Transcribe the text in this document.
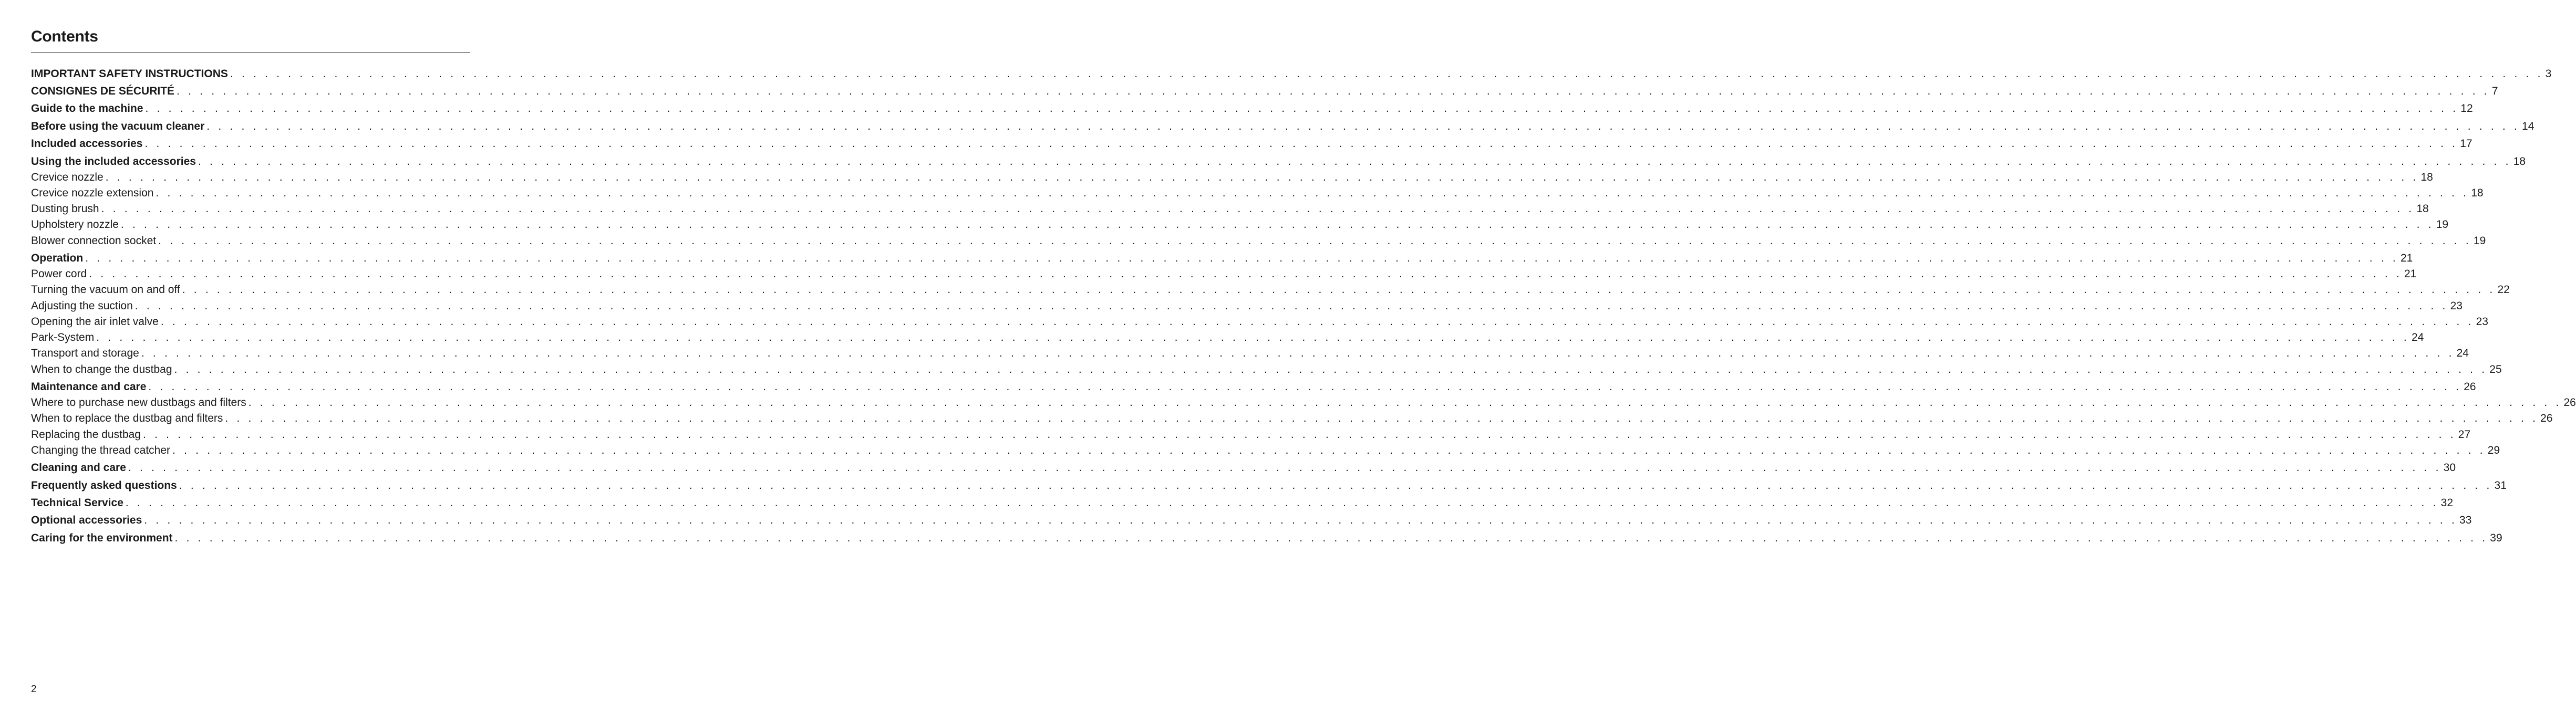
Contents
IMPORTANT SAFETY INSTRUCTIONS . . . . . . . . . . . . . . . . . . . . . . . . . . . . . . . . . . . . . . . . . . . . . . . . . . . . . . . . . . . . . . . . . . . . . . . . . . . . . . . . . . . . . . . . . . . . . . . . . . . . . . . . . . . . . . . . . . . . . . . . . . . . . . . . . . . . . . . . . . . . . . . . . . . . . . . . . . . . . . . . . . . . . . . . . . . . . . . . . . . . . . . . . . . . . . . . . . . . . . . . 3
CONSIGNES DE SÉCURITÉ . . . . . . . . . . . . . . . . . . . . . . . . . . . . . . . . . . . . . . . . . . . . . . . . . . . . . . . . . . . . . . . . . . . . . . . . . . . . . . . . . . . . . . . . . . . . . . . . . . . . . . . . . . . . . . . . . . . . . . . . . . . . . . . . . . . . . . . . . . . . . . . . . . . . . . . . . . . . . . . . . . . . . . . . . . . . . . . . . . . . . . . . . . . . . . . . . . . . . . . . 7
Guide to the machine . . . . . . . . . . . . . . . . . . . . . . . . . . . . . . . . . . . . . . . . . . . . . . . . . . . . . . . . . . . . . . . . . . . . . . . . . . . . . . . . . . . . . . . . . . . . . . . . . . . . . . . . . . . . . . . . . . . . . . . . . . . . . . . . . . . . . . . . . . . . . . . . . . . . . . . . . . . . . . . . . . . . . . . . . . . . . . . . . . . . . . . . . . . . . . . . . . . . . . . . 12
Before using the vacuum cleaner . . . . . . . . . . . . . . . . . . . . . . . . . . . . . . . . . . . . . . . . . . . . . . . . . . . . . . . . . . . . . . . . . . . . . . . . . . . . . . . . . . . . . . . . . . . . . . . . . . . . . . . . . . . . . . . . . . . . . . . . . . . . . . . . . . . . . . . . . . . . . . . . . . . . . . . . . . . . . . . . . . . . . . . . . . . . . . . . . . . . . . . . . . . . . . . . . . . . . . . . 14
Included accessories . . . . . . . . . . . . . . . . . . . . . . . . . . . . . . . . . . . . . . . . . . . . . . . . . . . . . . . . . . . . . . . . . . . . . . . . . . . . . . . . . . . . . . . . . . . . . . . . . . . . . . . . . . . . . . . . . . . . . . . . . . . . . . . . . . . . . . . . . . . . . . . . . . . . . . . . . . . . . . . . . . . . . . . . . . . . . . . . . . . . . . . . . . . . . . . . . . . . . . . . 17
Using the included accessories . . . . . . . . . . . . . . . . . . . . . . . . . . . . . . . . . . . . . . . . . . . . . . . . . . . . . . . . . . . . . . . . . . . . . . . . . . . . . . . . . . . . . . . . . . . . . . . . . . . . . . . . . . . . . . . . . . . . . . . . . . . . . . . . . . . . . . . . . . . . . . . . . . . . . . . . . . . . . . . . . . . . . . . . . . . . . . . . . . . . . . . . . . . . . . . . . . . . . . . . 18
Crevice nozzle . . . . . . . . . . . . . . . . . . . . . . . . . . . . . . . . . . . . . . . . . . . . . . . . . . . . . . . . . . . . . . . . . . . . . . . . . . . . . . . . . . . . . . . . . . . . . . . . . . . . . . . . . . . . . . . . . . . . . . . . . . . . . . . . . . . . . . . . . . . . . . . . . . . . . . . . . . . . . . . . . . . . . . . . . . . . . . . . . . . . . . . . . . . . . . . . . . . . . . . . 18
Crevice nozzle extension . . . . . . . . . . . . . . . . . . . . . . . . . . . . . . . . . . . . . . . . . . . . . . . . . . . . . . . . . . . . . . . . . . . . . . . . . . . . . . . . . . . . . . . . . . . . . . . . . . . . . . . . . . . . . . . . . . . . . . . . . . . . . . . . . . . . . . . . . . . . . . . . . . . . . . . . . . . . . . . . . . . . . . . . . . . . . . . . . . . . . . . . . . . . . . . . . . . . . . . . 18
Dusting brush . . . . . . . . . . . . . . . . . . . . . . . . . . . . . . . . . . . . . . . . . . . . . . . . . . . . . . . . . . . . . . . . . . . . . . . . . . . . . . . . . . . . . . . . . . . . . . . . . . . . . . . . . . . . . . . . . . . . . . . . . . . . . . . . . . . . . . . . . . . . . . . . . . . . . . . . . . . . . . . . . . . . . . . . . . . . . . . . . . . . . . . . . . . . . . . . . . . . . . . . 18
Upholstery nozzle . . . . . . . . . . . . . . . . . . . . . . . . . . . . . . . . . . . . . . . . . . . . . . . . . . . . . . . . . . . . . . . . . . . . . . . . . . . . . . . . . . . . . . . . . . . . . . . . . . . . . . . . . . . . . . . . . . . . . . . . . . . . . . . . . . . . . . . . . . . . . . . . . . . . . . . . . . . . . . . . . . . . . . . . . . . . . . . . . . . . . . . . . . . . . . . . . . . . . . . . 19
Blower connection socket . . . . . . . . . . . . . . . . . . . . . . . . . . . . . . . . . . . . . . . . . . . . . . . . . . . . . . . . . . . . . . . . . . . . . . . . . . . . . . . . . . . . . . . . . . . . . . . . . . . . . . . . . . . . . . . . . . . . . . . . . . . . . . . . . . . . . . . . . . . . . . . . . . . . . . . . . . . . . . . . . . . . . . . . . . . . . . . . . . . . . . . . . . . . . . . . . . . . . . . . 19
Operation . . . . . . . . . . . . . . . . . . . . . . . . . . . . . . . . . . . . . . . . . . . . . . . . . . . . . . . . . . . . . . . . . . . . . . . . . . . . . . . . . . . . . . . . . . . . . . . . . . . . . . . . . . . . . . . . . . . . . . . . . . . . . . . . . . . . . . . . . . . . . . . . . . . . . . . . . . . . . . . . . . . . . . . . . . . . . . . . . . . . . . . . . . . . . . . . . . . . . . . . 21
Power cord . . . . . . . . . . . . . . . . . . . . . . . . . . . . . . . . . . . . . . . . . . . . . . . . . . . . . . . . . . . . . . . . . . . . . . . . . . . . . . . . . . . . . . . . . . . . . . . . . . . . . . . . . . . . . . . . . . . . . . . . . . . . . . . . . . . . . . . . . . . . . . . . . . . . . . . . . . . . . . . . . . . . . . . . . . . . . . . . . . . . . . . . . . . . . . . . . . . . . . . . 21
Turning the vacuum on and off . . . . . . . . . . . . . . . . . . . . . . . . . . . . . . . . . . . . . . . . . . . . . . . . . . . . . . . . . . . . . . . . . . . . . . . . . . . . . . . . . . . . . . . . . . . . . . . . . . . . . . . . . . . . . . . . . . . . . . . . . . . . . . . . . . . . . . . . . . . . . . . . . . . . . . . . . . . . . . . . . . . . . . . . . . . . . . . . . . . . . . . . . . . . . . . . . . . . . . . . 22
Adjusting the suction . . . . . . . . . . . . . . . . . . . . . . . . . . . . . . . . . . . . . . . . . . . . . . . . . . . . . . . . . . . . . . . . . . . . . . . . . . . . . . . . . . . . . . . . . . . . . . . . . . . . . . . . . . . . . . . . . . . . . . . . . . . . . . . . . . . . . . . . . . . . . . . . . . . . . . . . . . . . . . . . . . . . . . . . . . . . . . . . . . . . . . . . . . . . . . . . . . . . . . . . 23
Opening the air inlet valve . . . . . . . . . . . . . . . . . . . . . . . . . . . . . . . . . . . . . . . . . . . . . . . . . . . . . . . . . . . . . . . . . . . . . . . . . . . . . . . . . . . . . . . . . . . . . . . . . . . . . . . . . . . . . . . . . . . . . . . . . . . . . . . . . . . . . . . . . . . . . . . . . . . . . . . . . . . . . . . . . . . . . . . . . . . . . . . . . . . . . . . . . . . . . . . . . . . . . . . . 23
Park-System . . . . . . . . . . . . . . . . . . . . . . . . . . . . . . . . . . . . . . . . . . . . . . . . . . . . . . . . . . . . . . . . . . . . . . . . . . . . . . . . . . . . . . . . . . . . . . . . . . . . . . . . . . . . . . . . . . . . . . . . . . . . . . . . . . . . . . . . . . . . . . . . . . . . . . . . . . . . . . . . . . . . . . . . . . . . . . . . . . . . . . . . . . . . . . . . . . . . . . . . 24
Transport and storage . . . . . . . . . . . . . . . . . . . . . . . . . . . . . . . . . . . . . . . . . . . . . . . . . . . . . . . . . . . . . . . . . . . . . . . . . . . . . . . . . . . . . . . . . . . . . . . . . . . . . . . . . . . . . . . . . . . . . . . . . . . . . . . . . . . . . . . . . . . . . . . . . . . . . . . . . . . . . . . . . . . . . . . . . . . . . . . . . . . . . . . . . . . . . . . . . . . . . . . . 24
When to change the dustbag . . . . . . . . . . . . . . . . . . . . . . . . . . . . . . . . . . . . . . . . . . . . . . . . . . . . . . . . . . . . . . . . . . . . . . . . . . . . . . . . . . . . . . . . . . . . . . . . . . . . . . . . . . . . . . . . . . . . . . . . . . . . . . . . . . . . . . . . . . . . . . . . . . . . . . . . . . . . . . . . . . . . . . . . . . . . . . . . . . . . . . . . . . . . . . . . . . . . . . . . 25
Maintenance and care . . . . . . . . . . . . . . . . . . . . . . . . . . . . . . . . . . . . . . . . . . . . . . . . . . . . . . . . . . . . . . . . . . . . . . . . . . . . . . . . . . . . . . . . . . . . . . . . . . . . . . . . . . . . . . . . . . . . . . . . . . . . . . . . . . . . . . . . . . . . . . . . . . . . . . . . . . . . . . . . . . . . . . . . . . . . . . . . . . . . . . . . . . . . . . . . . . . . . . . . 26
Where to purchase new dustbags and filters . . . . . . . . . . . . . . . . . . . . . . . . . . . . . . . . . . . . . . . . . . . . . . . . . . . . . . . . . . . . . . . . . . . . . . . . . . . . . . . . . . . . . . . . . . . . . . . . . . . . . . . . . . . . . . . . . . . . . . . . . . . . . . . . . . . . . . . . . . . . . . . . . . . . . . . . . . . . . . . . . . . . . . . . . . . . . . . . . . . . . . . . . . . . . . . . . . . . . . . . 26
When to replace the dustbag and filters . . . . . . . . . . . . . . . . . . . . . . . . . . . . . . . . . . . . . . . . . . . . . . . . . . . . . . . . . . . . . . . . . . . . . . . . . . . . . . . . . . . . . . . . . . . . . . . . . . . . . . . . . . . . . . . . . . . . . . . . . . . . . . . . . . . . . . . . . . . . . . . . . . . . . . . . . . . . . . . . . . . . . . . . . . . . . . . . . . . . . . . . . . . . . . . . . . . . . . . . 26
Replacing the dustbag . . . . . . . . . . . . . . . . . . . . . . . . . . . . . . . . . . . . . . . . . . . . . . . . . . . . . . . . . . . . . . . . . . . . . . . . . . . . . . . . . . . . . . . . . . . . . . . . . . . . . . . . . . . . . . . . . . . . . . . . . . . . . . . . . . . . . . . . . . . . . . . . . . . . . . . . . . . . . . . . . . . . . . . . . . . . . . . . . . . . . . . . . . . . . . . . . . . . . . . . 27
Changing the thread catcher . . . . . . . . . . . . . . . . . . . . . . . . . . . . . . . . . . . . . . . . . . . . . . . . . . . . . . . . . . . . . . . . . . . . . . . . . . . . . . . . . . . . . . . . . . . . . . . . . . . . . . . . . . . . . . . . . . . . . . . . . . . . . . . . . . . . . . . . . . . . . . . . . . . . . . . . . . . . . . . . . . . . . . . . . . . . . . . . . . . . . . . . . . . . . . . . . . . . . . . . 29
Cleaning and care . . . . . . . . . . . . . . . . . . . . . . . . . . . . . . . . . . . . . . . . . . . . . . . . . . . . . . . . . . . . . . . . . . . . . . . . . . . . . . . . . . . . . . . . . . . . . . . . . . . . . . . . . . . . . . . . . . . . . . . . . . . . . . . . . . . . . . . . . . . . . . . . . . . . . . . . . . . . . . . . . . . . . . . . . . . . . . . . . . . . . . . . . . . . . . . . . . . . . . . . 30
Frequently asked questions . . . . . . . . . . . . . . . . . . . . . . . . . . . . . . . . . . . . . . . . . . . . . . . . . . . . . . . . . . . . . . . . . . . . . . . . . . . . . . . . . . . . . . . . . . . . . . . . . . . . . . . . . . . . . . . . . . . . . . . . . . . . . . . . . . . . . . . . . . . . . . . . . . . . . . . . . . . . . . . . . . . . . . . . . . . . . . . . . . . . . . . . . . . . . . . . . . . . . . . . 31
Technical Service . . . . . . . . . . . . . . . . . . . . . . . . . . . . . . . . . . . . . . . . . . . . . . . . . . . . . . . . . . . . . . . . . . . . . . . . . . . . . . . . . . . . . . . . . . . . . . . . . . . . . . . . . . . . . . . . . . . . . . . . . . . . . . . . . . . . . . . . . . . . . . . . . . . . . . . . . . . . . . . . . . . . . . . . . . . . . . . . . . . . . . . . . . . . . . . . . . . . . . . . 32
Optional accessories . . . . . . . . . . . . . . . . . . . . . . . . . . . . . . . . . . . . . . . . . . . . . . . . . . . . . . . . . . . . . . . . . . . . . . . . . . . . . . . . . . . . . . . . . . . . . . . . . . . . . . . . . . . . . . . . . . . . . . . . . . . . . . . . . . . . . . . . . . . . . . . . . . . . . . . . . . . . . . . . . . . . . . . . . . . . . . . . . . . . . . . . . . . . . . . . . . . . . . . . 33
Caring for the environment . . . . . . . . . . . . . . . . . . . . . . . . . . . . . . . . . . . . . . . . . . . . . . . . . . . . . . . . . . . . . . . . . . . . . . . . . . . . . . . . . . . . . . . . . . . . . . . . . . . . . . . . . . . . . . . . . . . . . . . . . . . . . . . . . . . . . . . . . . . . . . . . . . . . . . . . . . . . . . . . . . . . . . . . . . . . . . . . . . . . . . . . . . . . . . . . . . . . . . . . 39
2
